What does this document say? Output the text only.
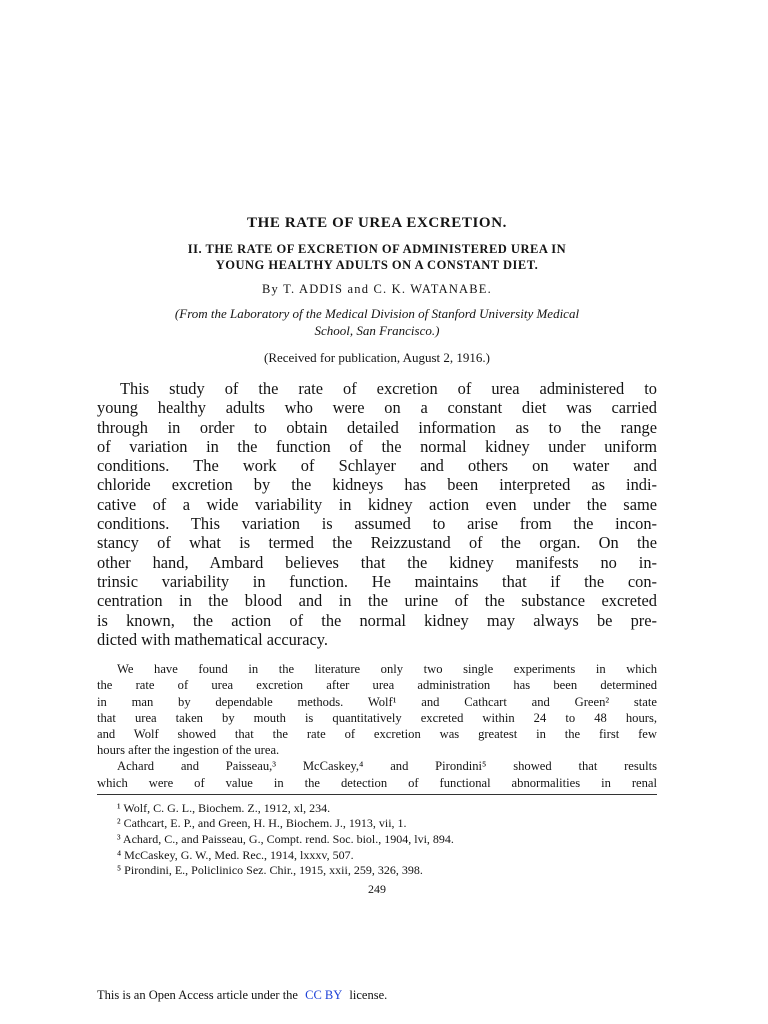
THE RATE OF UREA EXCRETION.
II. THE RATE OF EXCRETION OF ADMINISTERED UREA IN
YOUNG HEALTHY ADULTS ON A CONSTANT DIET.
By T. ADDIS and C. K. WATANABE.
(From the Laboratory of the Medical Division of Stanford University Medical
School, San Francisco.)
(Received for publication, August 2, 1916.)
This study of the rate of excretion of urea administered to
young healthy adults who were on a constant diet was carried
through in order to obtain detailed information as to the range
of variation in the function of the normal kidney under uniform
conditions. The work of Schlayer and others on water and
chloride excretion by the kidneys has been interpreted as indi-
cative of a wide variability in kidney action even under the same
conditions. This variation is assumed to arise from the incon-
stancy of what is termed the Reizzustand of the organ. On the
other hand, Ambard believes that the kidney manifests no in-
trinsic variability in function. He maintains that if the con-
centration in the blood and in the urine of the substance excreted
is known, the action of the normal kidney may always be pre-
dicted with mathematical accuracy.
We have found in the literature only two single experiments in which
the rate of urea excretion after urea administration has been determined
in man by dependable methods. Wolf¹ and Cathcart and Green² state
that urea taken by mouth is quantitatively excreted within 24 to 48 hours,
and Wolf showed that the rate of excretion was greatest in the first few
hours after the ingestion of the urea.
Achard and Paisseau,³ McCaskey,⁴ and Pirondini⁵ showed that results
which were of value in the detection of functional abnormalities in renal
¹ Wolf, C. G. L., Biochem. Z., 1912, xl, 234.
² Cathcart, E. P., and Green, H. H., Biochem. J., 1913, vii, 1.
³ Achard, C., and Paisseau, G., Compt. rend. Soc. biol., 1904, lvi, 894.
⁴ McCaskey, G. W., Med. Rec., 1914, lxxxv, 507.
⁵ Pirondini, E., Policlinico Sez. Chir., 1915, xxii, 259, 326, 398.
249
This is an Open Access article under the CC BY license.
